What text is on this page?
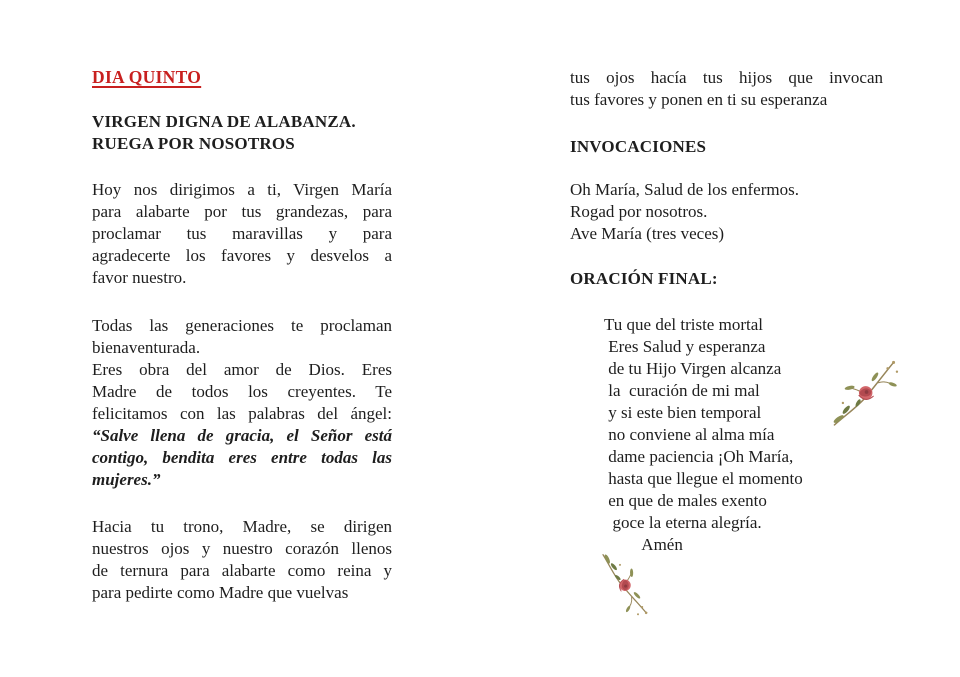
DIA QUINTO
VIRGEN DIGNA DE ALABANZA.
RUEGA POR NOSOTROS
Hoy nos dirigimos a ti, Virgen María
para alabarte por tus grandezas, para
proclamar tus maravillas y para
agradecerte los favores y desvelos a
favor nuestro.
Todas las generaciones te proclaman
bienaventurada.
Eres obra del amor de Dios. Eres
Madre de todos los creyentes. Te
felicitamos con las palabras del ángel:
“Salve llena de gracia, el Señor está
contigo, bendita eres entre todas las
mujeres.”
Hacia tu trono, Madre, se dirigen
nuestros ojos y nuestro corazón llenos
de ternura para alabarte como reina y
para pedirte como Madre que vuelvas
tus ojos hacía tus hijos que invocan
tus favores y ponen en ti su esperanza
INVOCACIONES
Oh María, Salud de los enfermos.
Rogad por nosotros.
Ave María (tres veces)
ORACIÓN FINAL:
Tu que del triste mortal
Eres Salud y esperanza
de tu Hijo Virgen alcanza
la  curación de mi mal
y si este bien temporal
no conviene al alma mía
dame paciencia ¡Oh María,
hasta que llegue el momento
en que de males exento
goce la eterna alegría.
Amén
